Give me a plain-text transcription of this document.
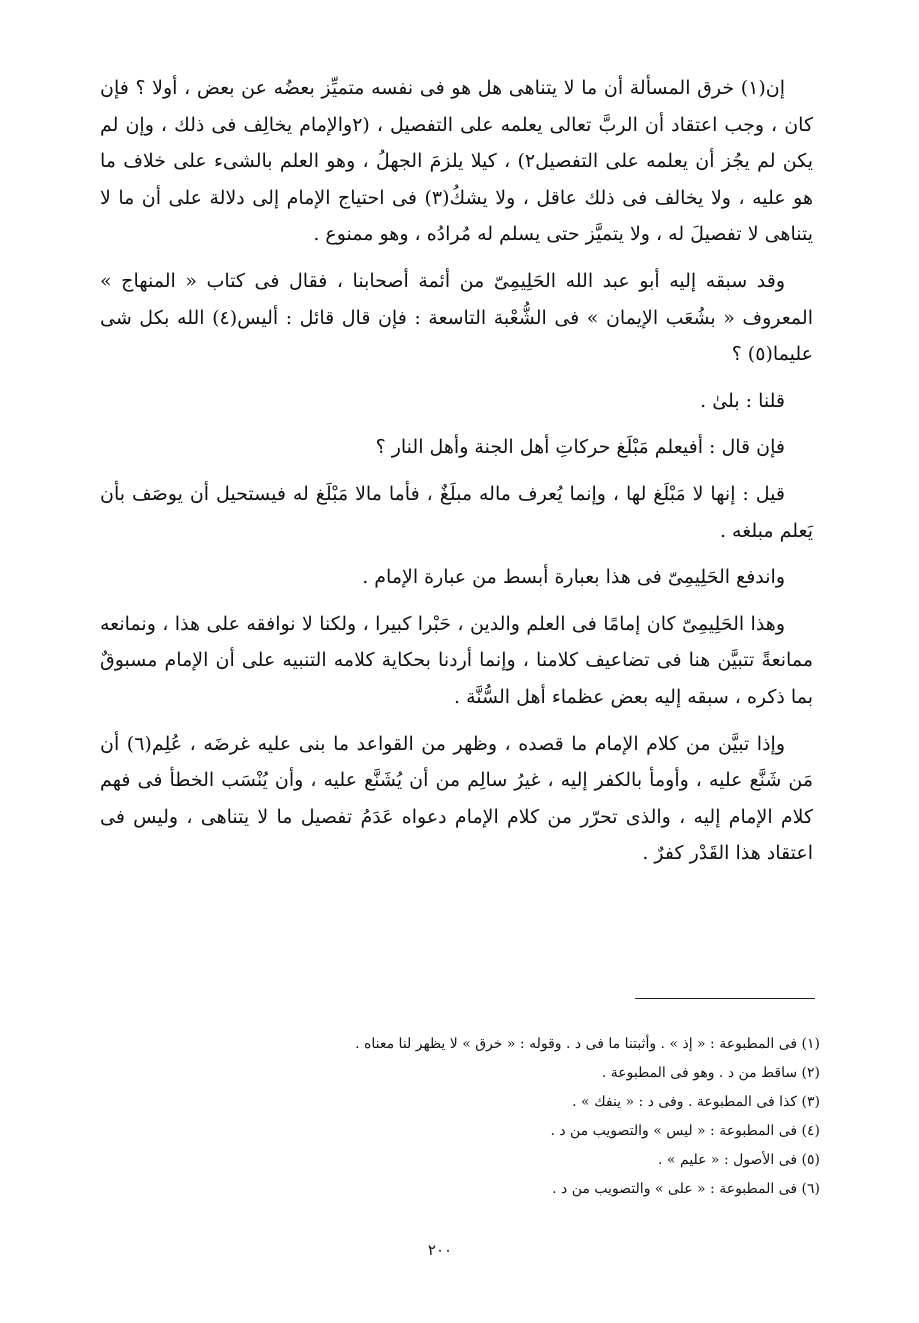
إن(١) خرق المسألة أن ما لا يتناهى هل هو فى نفسه متميِّز بعضُه عن بعض ، أولا ؟ فإن كان ، وجب اعتقاد أن الربَّ تعالى يعلمه على التفصيل ، (٢والإمام يخالِف فى ذلك ، وإن لم يكن لم يجُز أن يعلمه على التفصيل٢) ، كيلا يلزمَ الجهلُ ، وهو العلم بالشىء على خلاف ما هو عليه ، ولا يخالف فى ذلك عاقل ، ولا يشكُ(٣) فى احتياج الإمام إلى دلالة على أن ما لا يتناهى لا تفصيلَ له ، ولا يتميَّز حتى يسلم له مُرادُه ، وهو ممنوع .

وقد سبقه إليه أبو عبد الله الحَلِيمِىّ من أئمة أصحابنا ، فقال فى كتاب « المنهاج » المعروف « بشُعَب الإيمان » فى الشُّعْبة التاسعة : فإن قال قائل : أليس(٤) الله بكل شى عليما(٥) ؟

قلنا : بلىٰ .

فإن قال : أفيعلم مَبْلَغ حركاتِ أهل الجنة وأهل النار ؟

قيل : إنها لا مَبْلَغ لها ، وإنما يُعرف ماله مبلَغٌ ، فأما مالا مَبْلَغ له فيستحيل أن يوصَف بأن يَعلم مبلغه .

واندفع الحَلِيمِىّ فى هذا بعبارة أبسط من عبارة الإمام .

وهذا الحَلِيمِىّ كان إمامًا فى العلم والدين ، حَبْرا كبيرا ، ولكنا لا نوافقه على هذا ، ونمانعه ممانعةً تتبيَّن هنا فى تضاعيف كلامنا ، وإنما أردنا بحكاية كلامه التنبيه على أن الإمام مسبوقٌ بما ذكره ، سبقه إليه بعض عظماء أهل السُّنَّة .

وإذا تبيَّن من كلام الإمام ما قصده ، وظهر من القواعد ما بنى عليه غرضَه ، عُلِم(٦) أن مَن شَنَّع عليه ، وأومأ بالكفر إليه ، غيرُ سالِم من أن يُشَنَّع عليه ، وأن يُنْسَب الخطأ فى فهم كلام الإمام إليه ، والذى تحرّر من كلام الإمام دعواه عَدَمُ تفصيل ما لا يتناهى ، وليس فى اعتقاد هذا القَدْر كفرٌ .

(١) فى المطبوعة : « إذ » . وأثبتنا ما فى د . وقوله : « خرق » لا يظهر لنا معناه .
(٢) ساقط من د . وهو فى المطبوعة .
(٣) كذا فى المطبوعة . وفى د : « ينفك » .
(٤) فى المطبوعة : « ليس » والتصويب من د .
(٥) فى الأصول : « عليم » .
(٦) فى المطبوعة : « على » والتصويب من د .
٢٠٠
